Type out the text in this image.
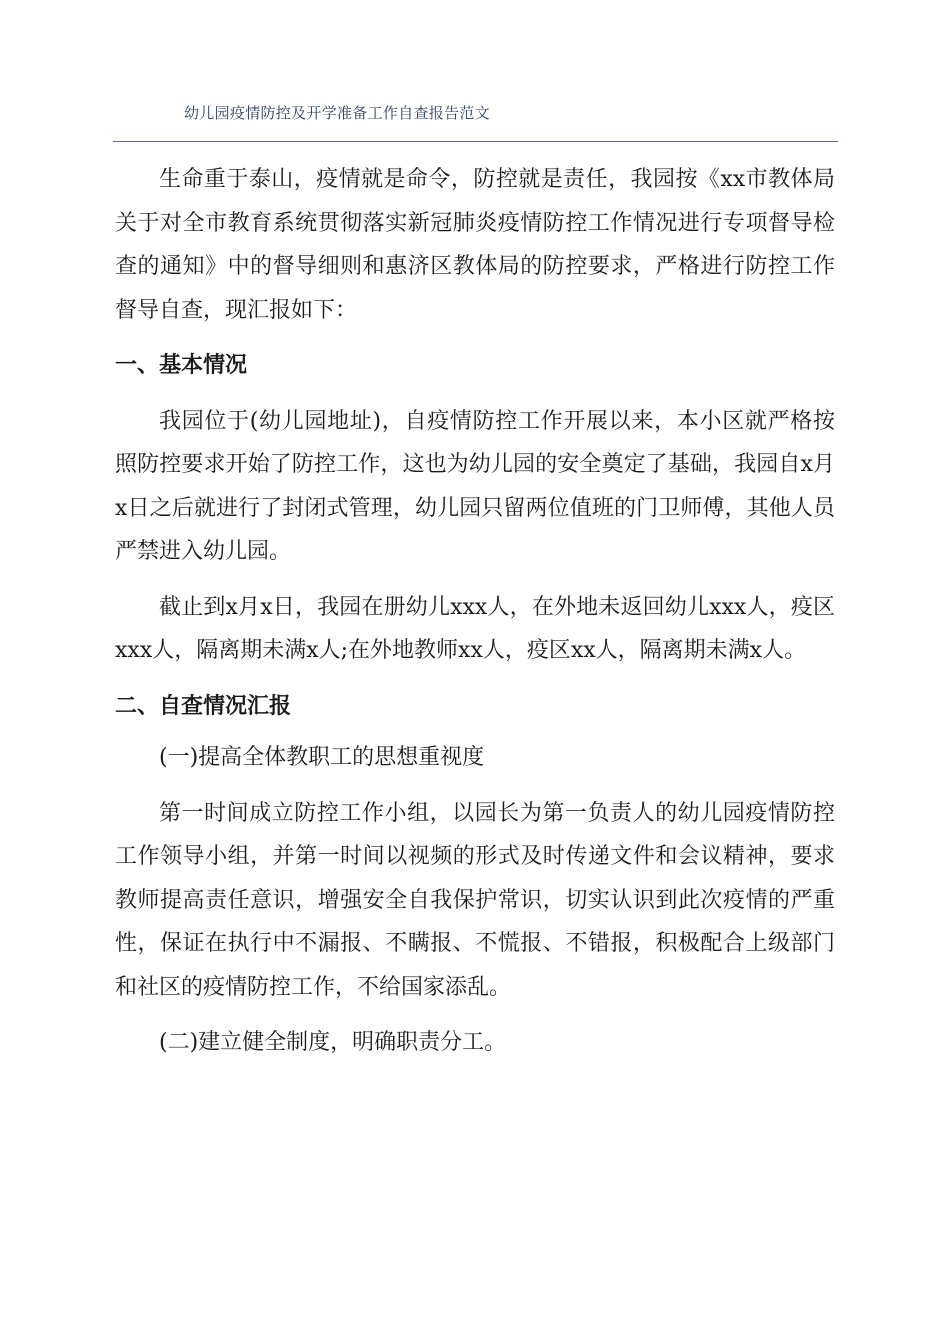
幼儿园疫情防控及开学准备工作自查报告范文

生命重于泰山，疫情就是命令，防控就是责任，我园按《xx市教体局关于对全市教育系统贯彻落实新冠肺炎疫情防控工作情况进行专项督导检查的通知》中的督导细则和惠济区教体局的防控要求，严格进行防控工作督导自查，现汇报如下：

一、基本情况

我园位于(幼儿园地址)，自疫情防控工作开展以来，本小区就严格按照防控要求开始了防控工作，这也为幼儿园的安全奠定了基础，我园自x月x日之后就进行了封闭式管理，幼儿园只留两位值班的门卫师傅，其他人员严禁进入幼儿园。

截止到x月x日，我园在册幼儿xxx人，在外地未返回幼儿xxx人，疫区xxx人，隔离期未满x人;在外地教师xx人，疫区xx人，隔离期未满x人。

二、自查情况汇报

(一)提高全体教职工的思想重视度

第一时间成立防控工作小组，以园长为第一负责人的幼儿园疫情防控工作领导小组，并第一时间以视频的形式及时传递文件和会议精神，要求教师提高责任意识，增强安全自我保护常识，切实认识到此次疫情的严重性，保证在执行中不漏报、不瞒报、不慌报、不错报，积极配合上级部门和社区的疫情防控工作，不给国家添乱。

(二)建立健全制度，明确职责分工。
